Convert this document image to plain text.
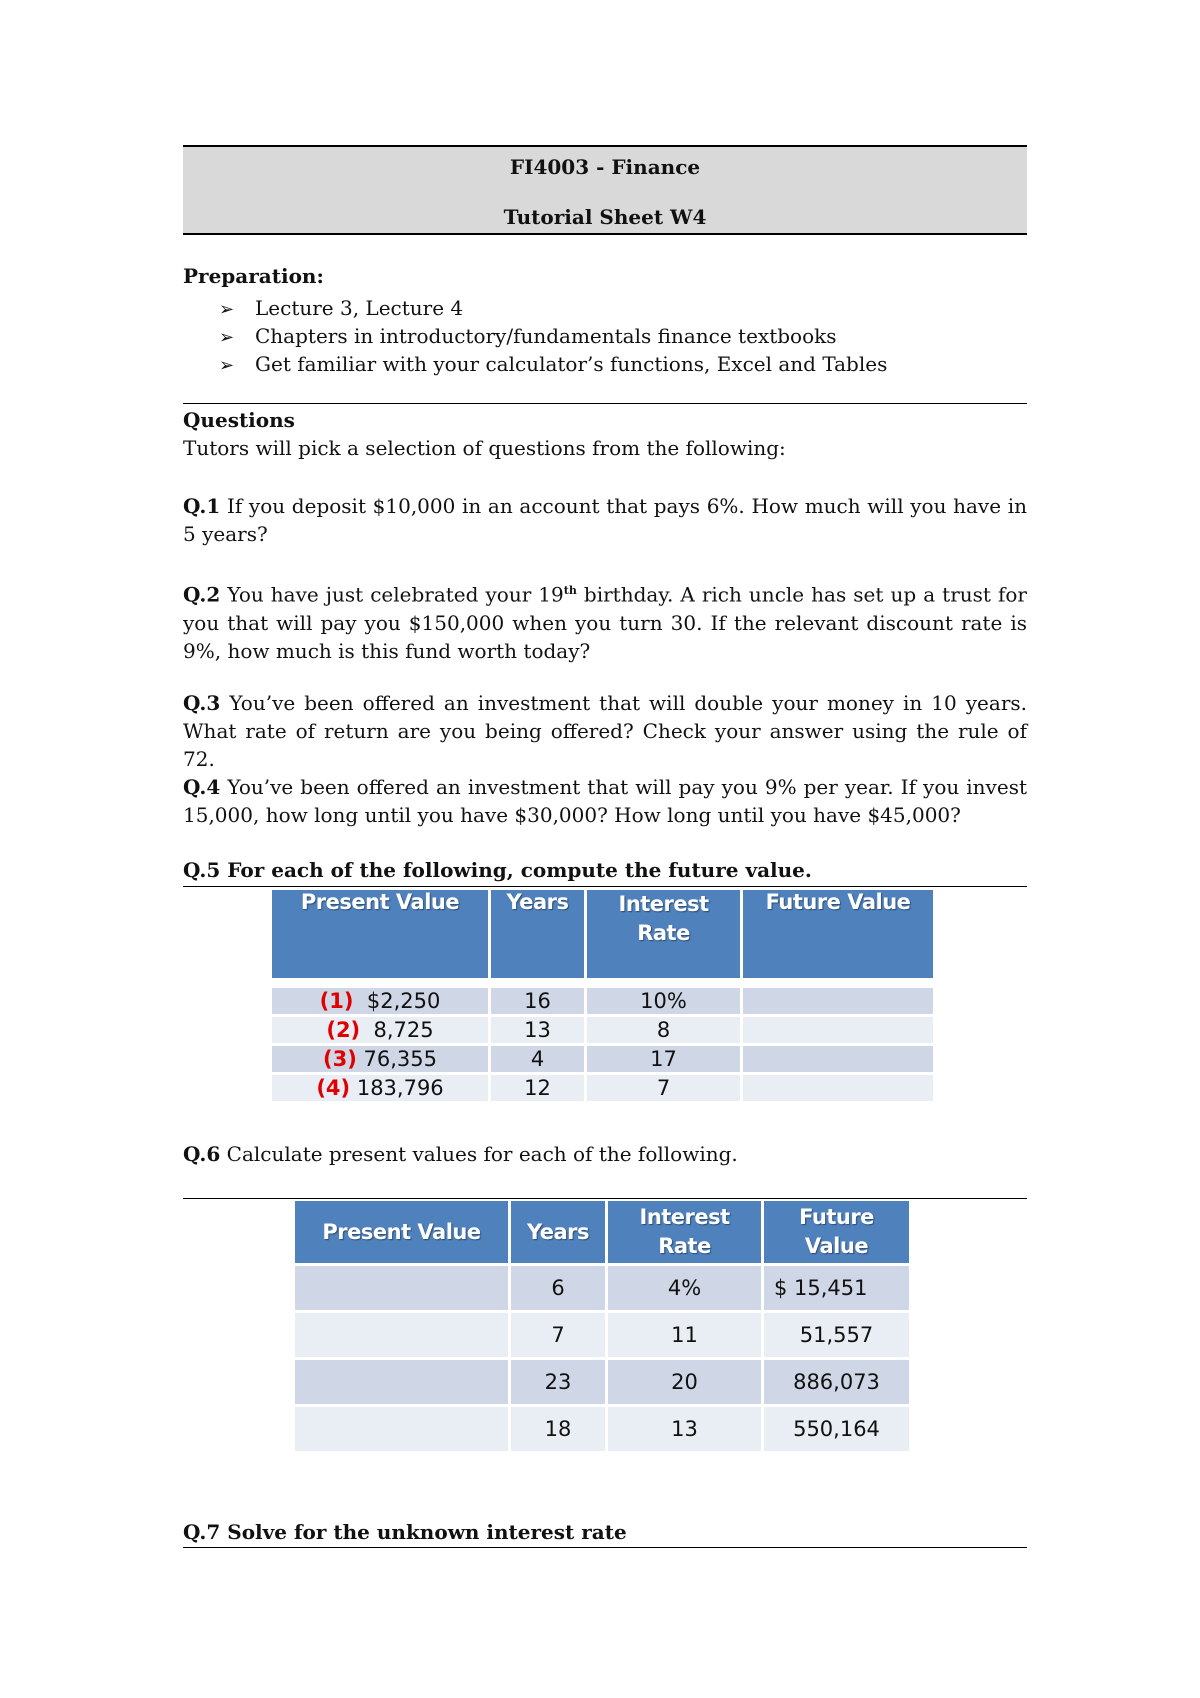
FI4003 - Finance
Tutorial Sheet W4
Preparation:
➢ Lecture 3, Lecture 4
➢ Chapters in introductory/fundamentals finance textbooks
➢ Get familiar with your calculator’s functions, Excel and Tables
Questions
Tutors will pick a selection of questions from the following:
Q.1 If you deposit $10,000 in an account that pays 6%. How much will you have in 5 years?
Q.2 You have just celebrated your 19th birthday. A rich uncle has set up a trust for you that will pay you $150,000 when you turn 30. If the relevant discount rate is 9%, how much is this fund worth today?
Q.3 You’ve been offered an investment that will double your money in 10 years. What rate of return are you being offered? Check your answer using the rule of 72.
Q.4 You’ve been offered an investment that will pay you 9% per year. If you invest 15,000, how long until you have $30,000? How long until you have $45,000?
Q.5 For each of the following, compute the future value.
Present Value	Years	Interest Rate	Future Value

(1) $2,250	16	10%	
(2) 8,725	13	8	
(3) 76,355	4	17	
(4) 183,796	12	7	
Q.6 Calculate present values for each of the following.
Present Value	Years	Interest Rate	Future Value

	6	4%	$ 15,451
	7	11	51,557
	23	20	886,073
	18	13	550,164
Q.7 Solve for the unknown interest rate
